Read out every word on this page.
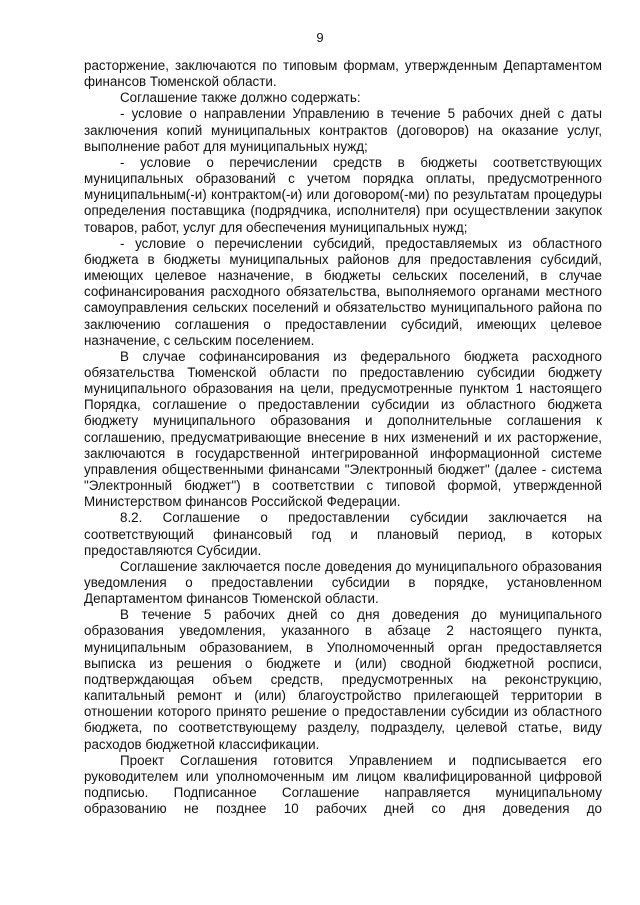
9

расторжение, заключаются по типовым формам, утвержденным Департаментом финансов Тюменской области.

Соглашение также должно содержать:

- условие о направлении Управлению в течение 5 рабочих дней с даты заключения копий муниципальных контрактов (договоров) на оказание услуг, выполнение работ для муниципальных нужд;

- условие о перечислении средств в бюджеты соответствующих муниципальных образований с учетом порядка оплаты, предусмотренного муниципальным(-и) контрактом(-и) или договором(-ми) по результатам процедуры определения поставщика (подрядчика, исполнителя) при осуществлении закупок товаров, работ, услуг для обеспечения муниципальных нужд;

- условие о перечислении субсидий, предоставляемых из областного бюджета в бюджеты муниципальных районов для предоставления субсидий, имеющих целевое назначение, в бюджеты сельских поселений, в случае софинансирования расходного обязательства, выполняемого органами местного самоуправления сельских поселений и обязательство муниципального района по заключению соглашения о предоставлении субсидий, имеющих целевое назначение, с сельским поселением.

В случае софинансирования из федерального бюджета расходного обязательства Тюменской области по предоставлению субсидии бюджету муниципального образования на цели, предусмотренные пунктом 1 настоящего Порядка, соглашение о предоставлении субсидии из областного бюджета бюджету муниципального образования и дополнительные соглашения к соглашению, предусматривающие внесение в них изменений и их расторжение, заключаются в государственной интегрированной информационной системе управления общественными финансами "Электронный бюджет" (далее - система "Электронный бюджет") в соответствии с типовой формой, утвержденной Министерством финансов Российской Федерации.

8.2. Соглашение о предоставлении субсидии заключается на соответствующий финансовый год и плановый период, в которых предоставляются Субсидии.

Соглашение заключается после доведения до муниципального образования уведомления о предоставлении субсидии в порядке, установленном Департаментом финансов Тюменской области.

В течение 5 рабочих дней со дня доведения до муниципального образования уведомления, указанного в абзаце 2 настоящего пункта, муниципальным образованием, в Уполномоченный орган предоставляется выписка из решения о бюджете и (или) сводной бюджетной росписи, подтверждающая объем средств, предусмотренных на реконструкцию, капитальный ремонт и (или) благоустройство прилегающей территории в отношении которого принято решение о предоставлении субсидии из областного бюджета, по соответствующему разделу, подразделу, целевой статье, виду расходов бюджетной классификации.

Проект Соглашения готовится Управлением и подписывается его руководителем или уполномоченным им лицом квалифицированной цифровой подписью. Подписанное Соглашение направляется муниципальному образованию не позднее 10 рабочих дней со дня доведения до
